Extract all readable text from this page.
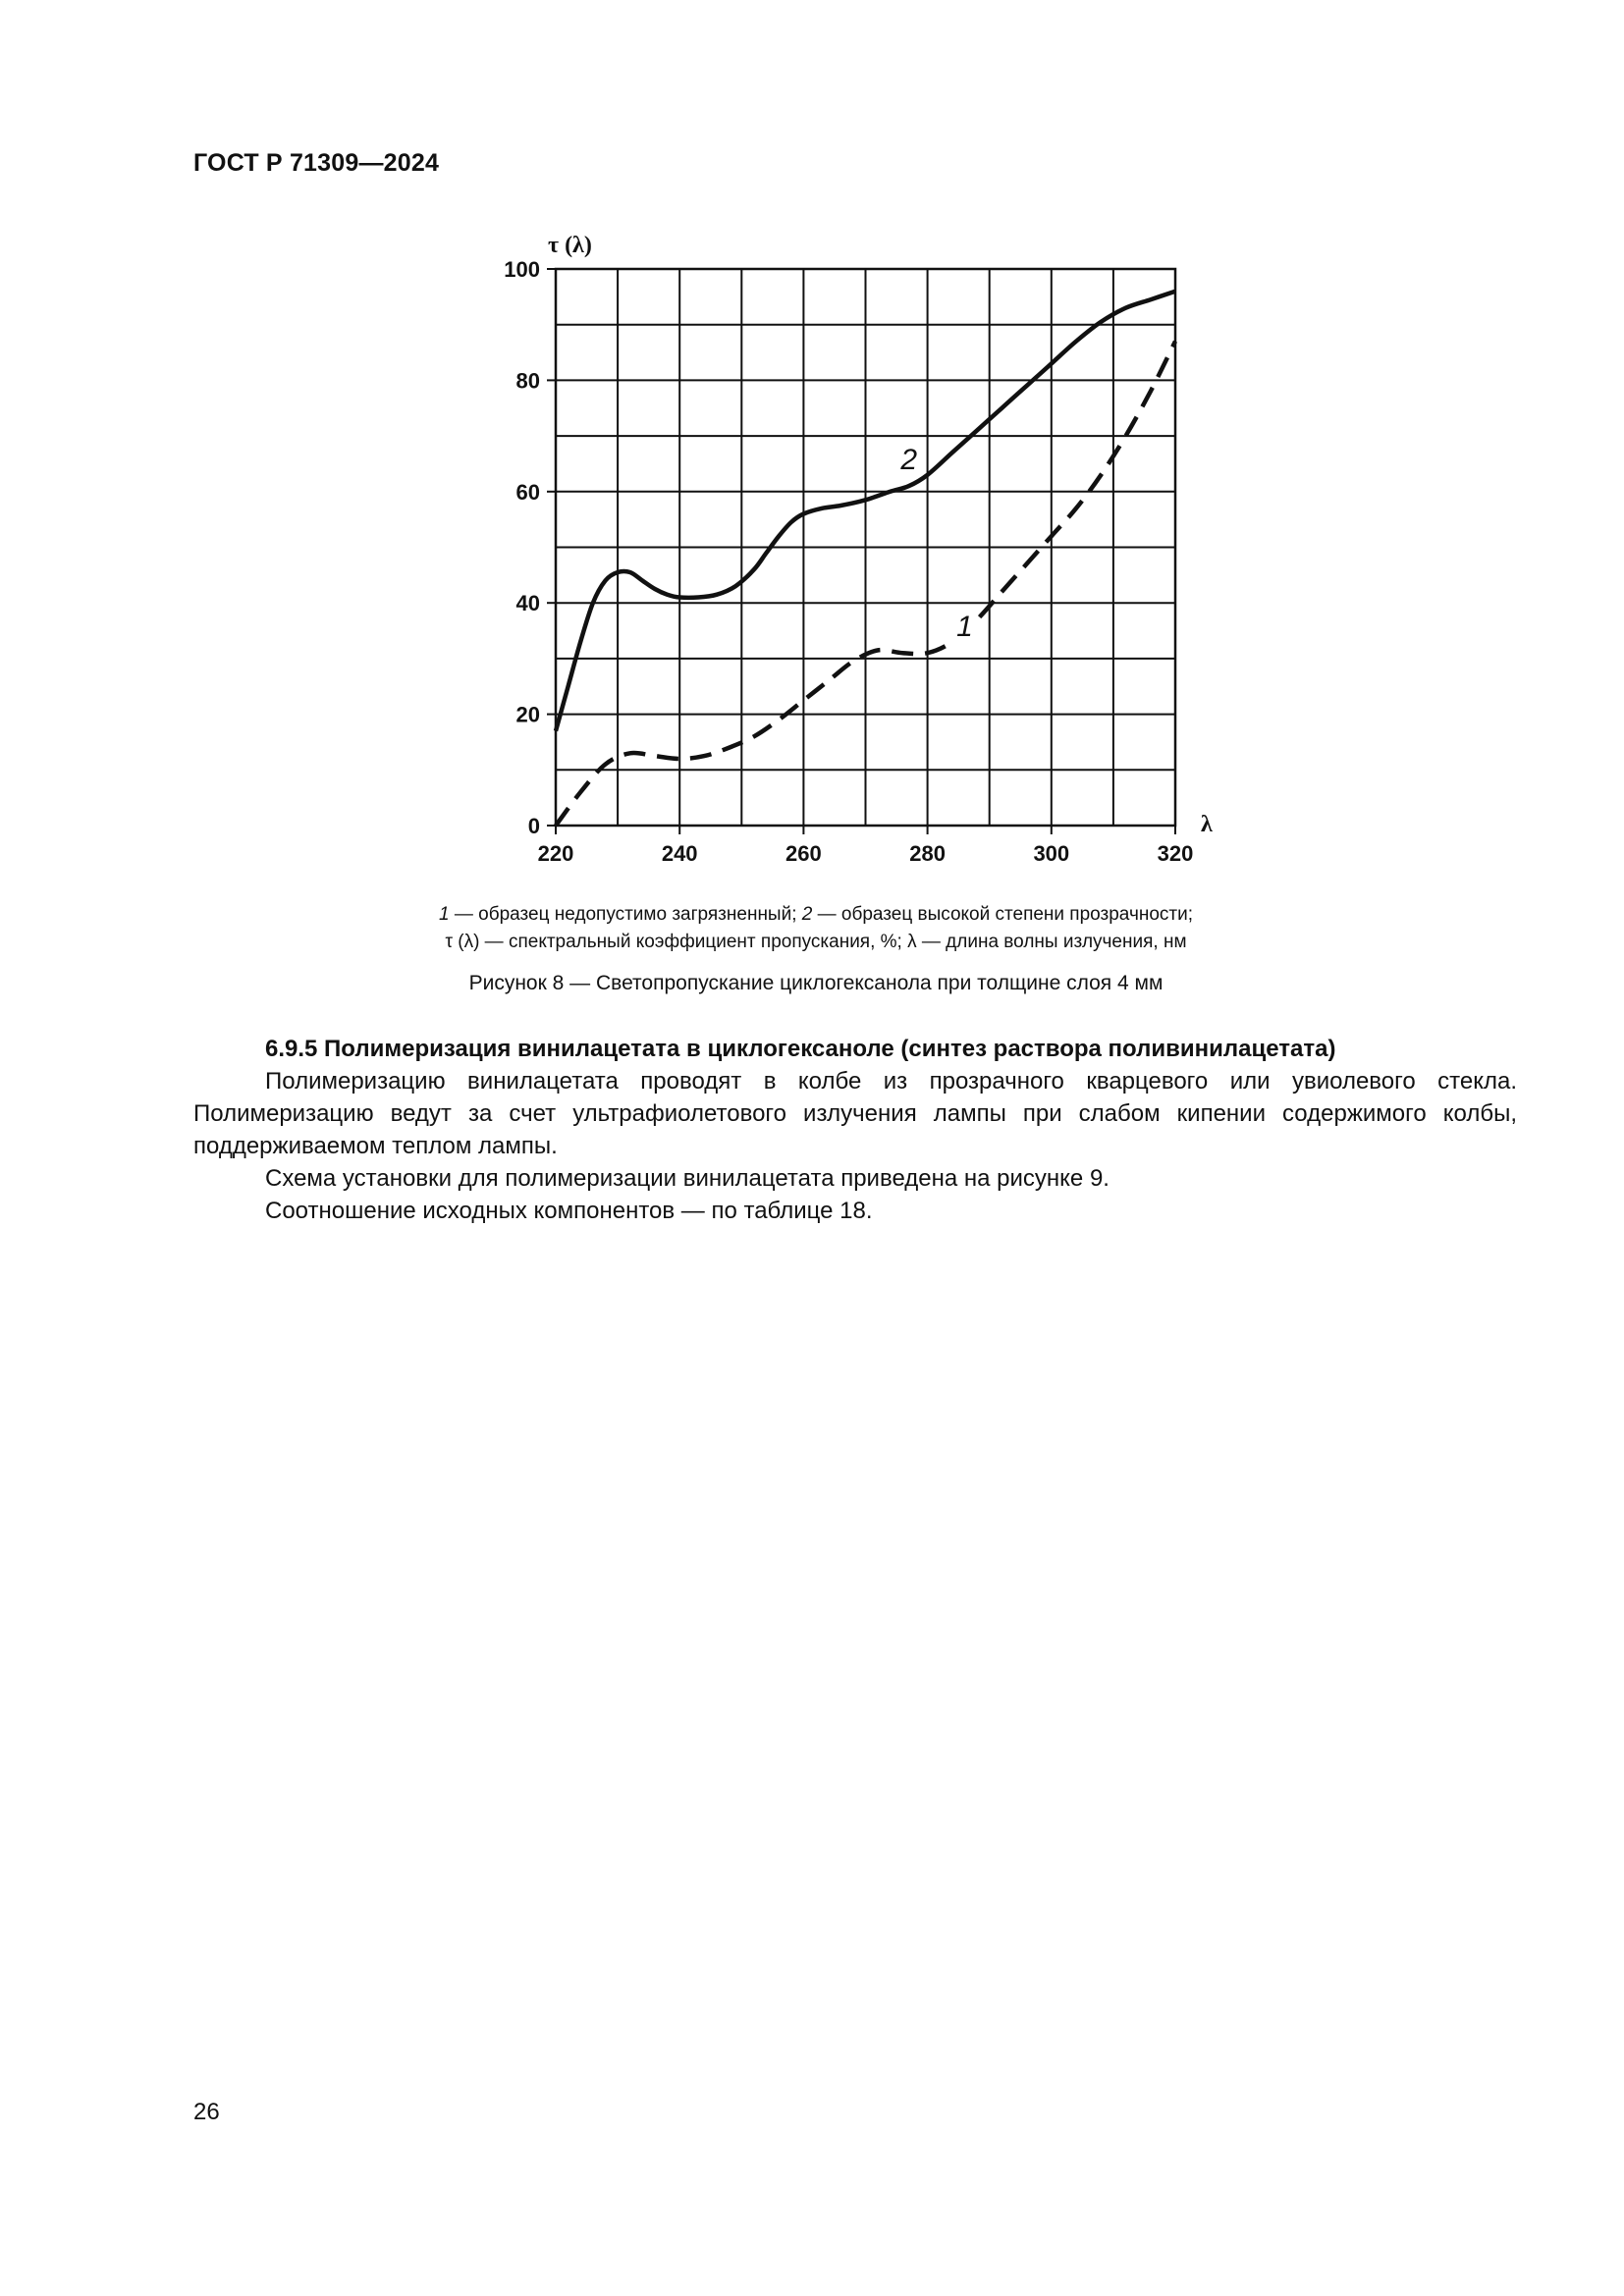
ГОСТ Р 71309—2024
220	240	260	280	300	320
0
20
40
60
80
100
1
2
τ (λ)
λ
1 — образец недопустимо загрязненный; 2 — образец высокой степени прозрачности;
τ (λ) — спектральный коэффициент пропускания, %; λ — длина волны излучения, нм
Рисунок 8 — Светопропускание циклогексанола при толщине слоя 4 мм
6.9.5 Полимеризация винилацетата в циклогексаноле (синтез раствора поливинилацетата)
Полимеризацию винилацетата проводят в колбе из прозрачного кварцевого или увиолевого стекла. Полимеризацию ведут за счет ультрафиолетового излучения лампы при слабом кипении содержимого колбы, поддерживаемом теплом лампы.
Схема установки для полимеризации винилацетата приведена на рисунке 9.
Соотношение исходных компонентов — по таблице 18.
26
